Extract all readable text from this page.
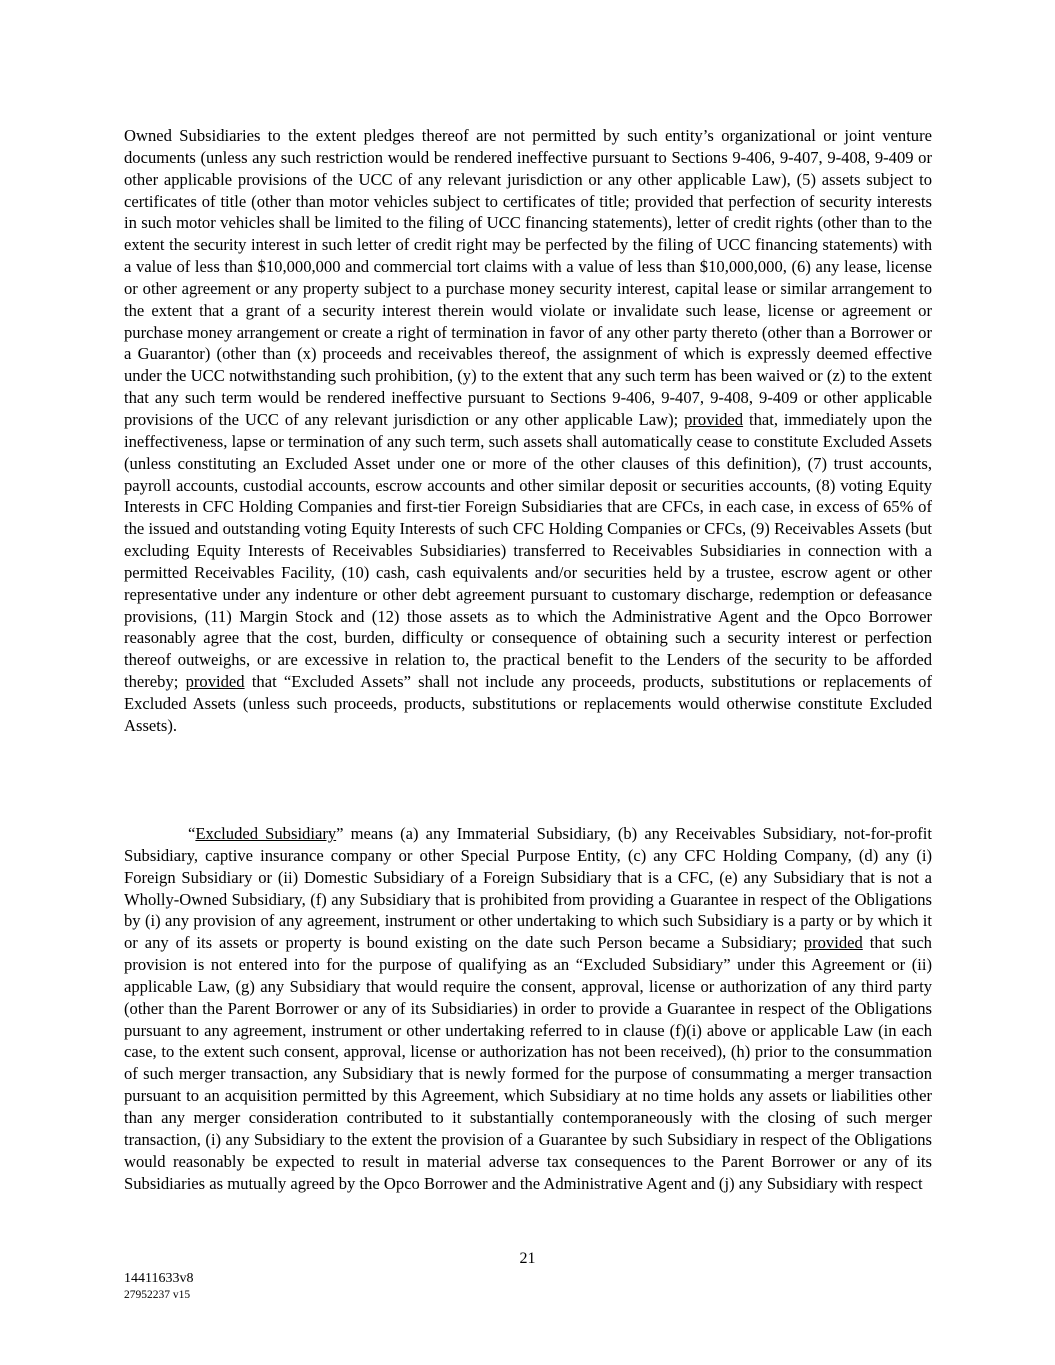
Owned Subsidiaries to the extent pledges thereof are not permitted by such entity’s organizational or joint venture documents (unless any such restriction would be rendered ineffective pursuant to Sections 9-406, 9-407, 9-408, 9-409 or other applicable provisions of the UCC of any relevant jurisdiction or any other applicable Law), (5) assets subject to certificates of title (other than motor vehicles subject to certificates of title; provided that perfection of security interests in such motor vehicles shall be limited to the filing of UCC financing statements), letter of credit rights (other than to the extent the security interest in such letter of credit right may be perfected by the filing of UCC financing statements) with a value of less than $10,000,000 and commercial tort claims with a value of less than $10,000,000, (6) any lease, license or other agreement or any property subject to a purchase money security interest, capital lease or similar arrangement to the extent that a grant of a security interest therein would violate or invalidate such lease, license or agreement or purchase money arrangement or create a right of termination in favor of any other party thereto (other than a Borrower or a Guarantor) (other than (x) proceeds and receivables thereof, the assignment of which is expressly deemed effective under the UCC notwithstanding such prohibition, (y) to the extent that any such term has been waived or (z) to the extent that any such term would be rendered ineffective pursuant to Sections 9-406, 9-407, 9-408, 9-409 or other applicable provisions of the UCC of any relevant jurisdiction or any other applicable Law); provided that, immediately upon the ineffectiveness, lapse or termination of any such term, such assets shall automatically cease to constitute Excluded Assets (unless constituting an Excluded Asset under one or more of the other clauses of this definition), (7) trust accounts, payroll accounts, custodial accounts, escrow accounts and other similar deposit or securities accounts, (8) voting Equity Interests in CFC Holding Companies and first-tier Foreign Subsidiaries that are CFCs, in each case, in excess of 65% of the issued and outstanding voting Equity Interests of such CFC Holding Companies or CFCs, (9) Receivables Assets (but excluding Equity Interests of Receivables Subsidiaries) transferred to Receivables Subsidiaries in connection with a permitted Receivables Facility, (10) cash, cash equivalents and/or securities held by a trustee, escrow agent or other representative under any indenture or other debt agreement pursuant to customary discharge, redemption or defeasance provisions, (11) Margin Stock and (12) those assets as to which the Administrative Agent and the Opco Borrower reasonably agree that the cost, burden, difficulty or consequence of obtaining such a security interest or perfection thereof outweighs, or are excessive in relation to, the practical benefit to the Lenders of the security to be afforded thereby; provided that “Excluded Assets” shall not include any proceeds, products, substitutions or replacements of Excluded Assets (unless such proceeds, products, substitutions or replacements would otherwise constitute Excluded Assets).
“Excluded Subsidiary” means (a) any Immaterial Subsidiary, (b) any Receivables Subsidiary, not-for-profit Subsidiary, captive insurance company or other Special Purpose Entity, (c) any CFC Holding Company, (d) any (i) Foreign Subsidiary or (ii) Domestic Subsidiary of a Foreign Subsidiary that is a CFC, (e) any Subsidiary that is not a Wholly-Owned Subsidiary, (f) any Subsidiary that is prohibited from providing a Guarantee in respect of the Obligations by (i) any provision of any agreement, instrument or other undertaking to which such Subsidiary is a party or by which it or any of its assets or property is bound existing on the date such Person became a Subsidiary; provided that such provision is not entered into for the purpose of qualifying as an “Excluded Subsidiary” under this Agreement or (ii) applicable Law, (g) any Subsidiary that would require the consent, approval, license or authorization of any third party (other than the Parent Borrower or any of its Subsidiaries) in order to provide a Guarantee in respect of the Obligations pursuant to any agreement, instrument or other undertaking referred to in clause (f)(i) above or applicable Law (in each case, to the extent such consent, approval, license or authorization has not been received), (h) prior to the consummation of such merger transaction, any Subsidiary that is newly formed for the purpose of consummating a merger transaction pursuant to an acquisition permitted by this Agreement, which Subsidiary at no time holds any assets or liabilities other than any merger consideration contributed to it substantially contemporaneously with the closing of such merger transaction, (i) any Subsidiary to the extent the provision of a Guarantee by such Subsidiary in respect of the Obligations would reasonably be expected to result in material adverse tax consequences to the Parent Borrower or any of its Subsidiaries as mutually agreed by the Opco Borrower and the Administrative Agent and (j) any Subsidiary with respect
21
14411633v8
27952237 v15
